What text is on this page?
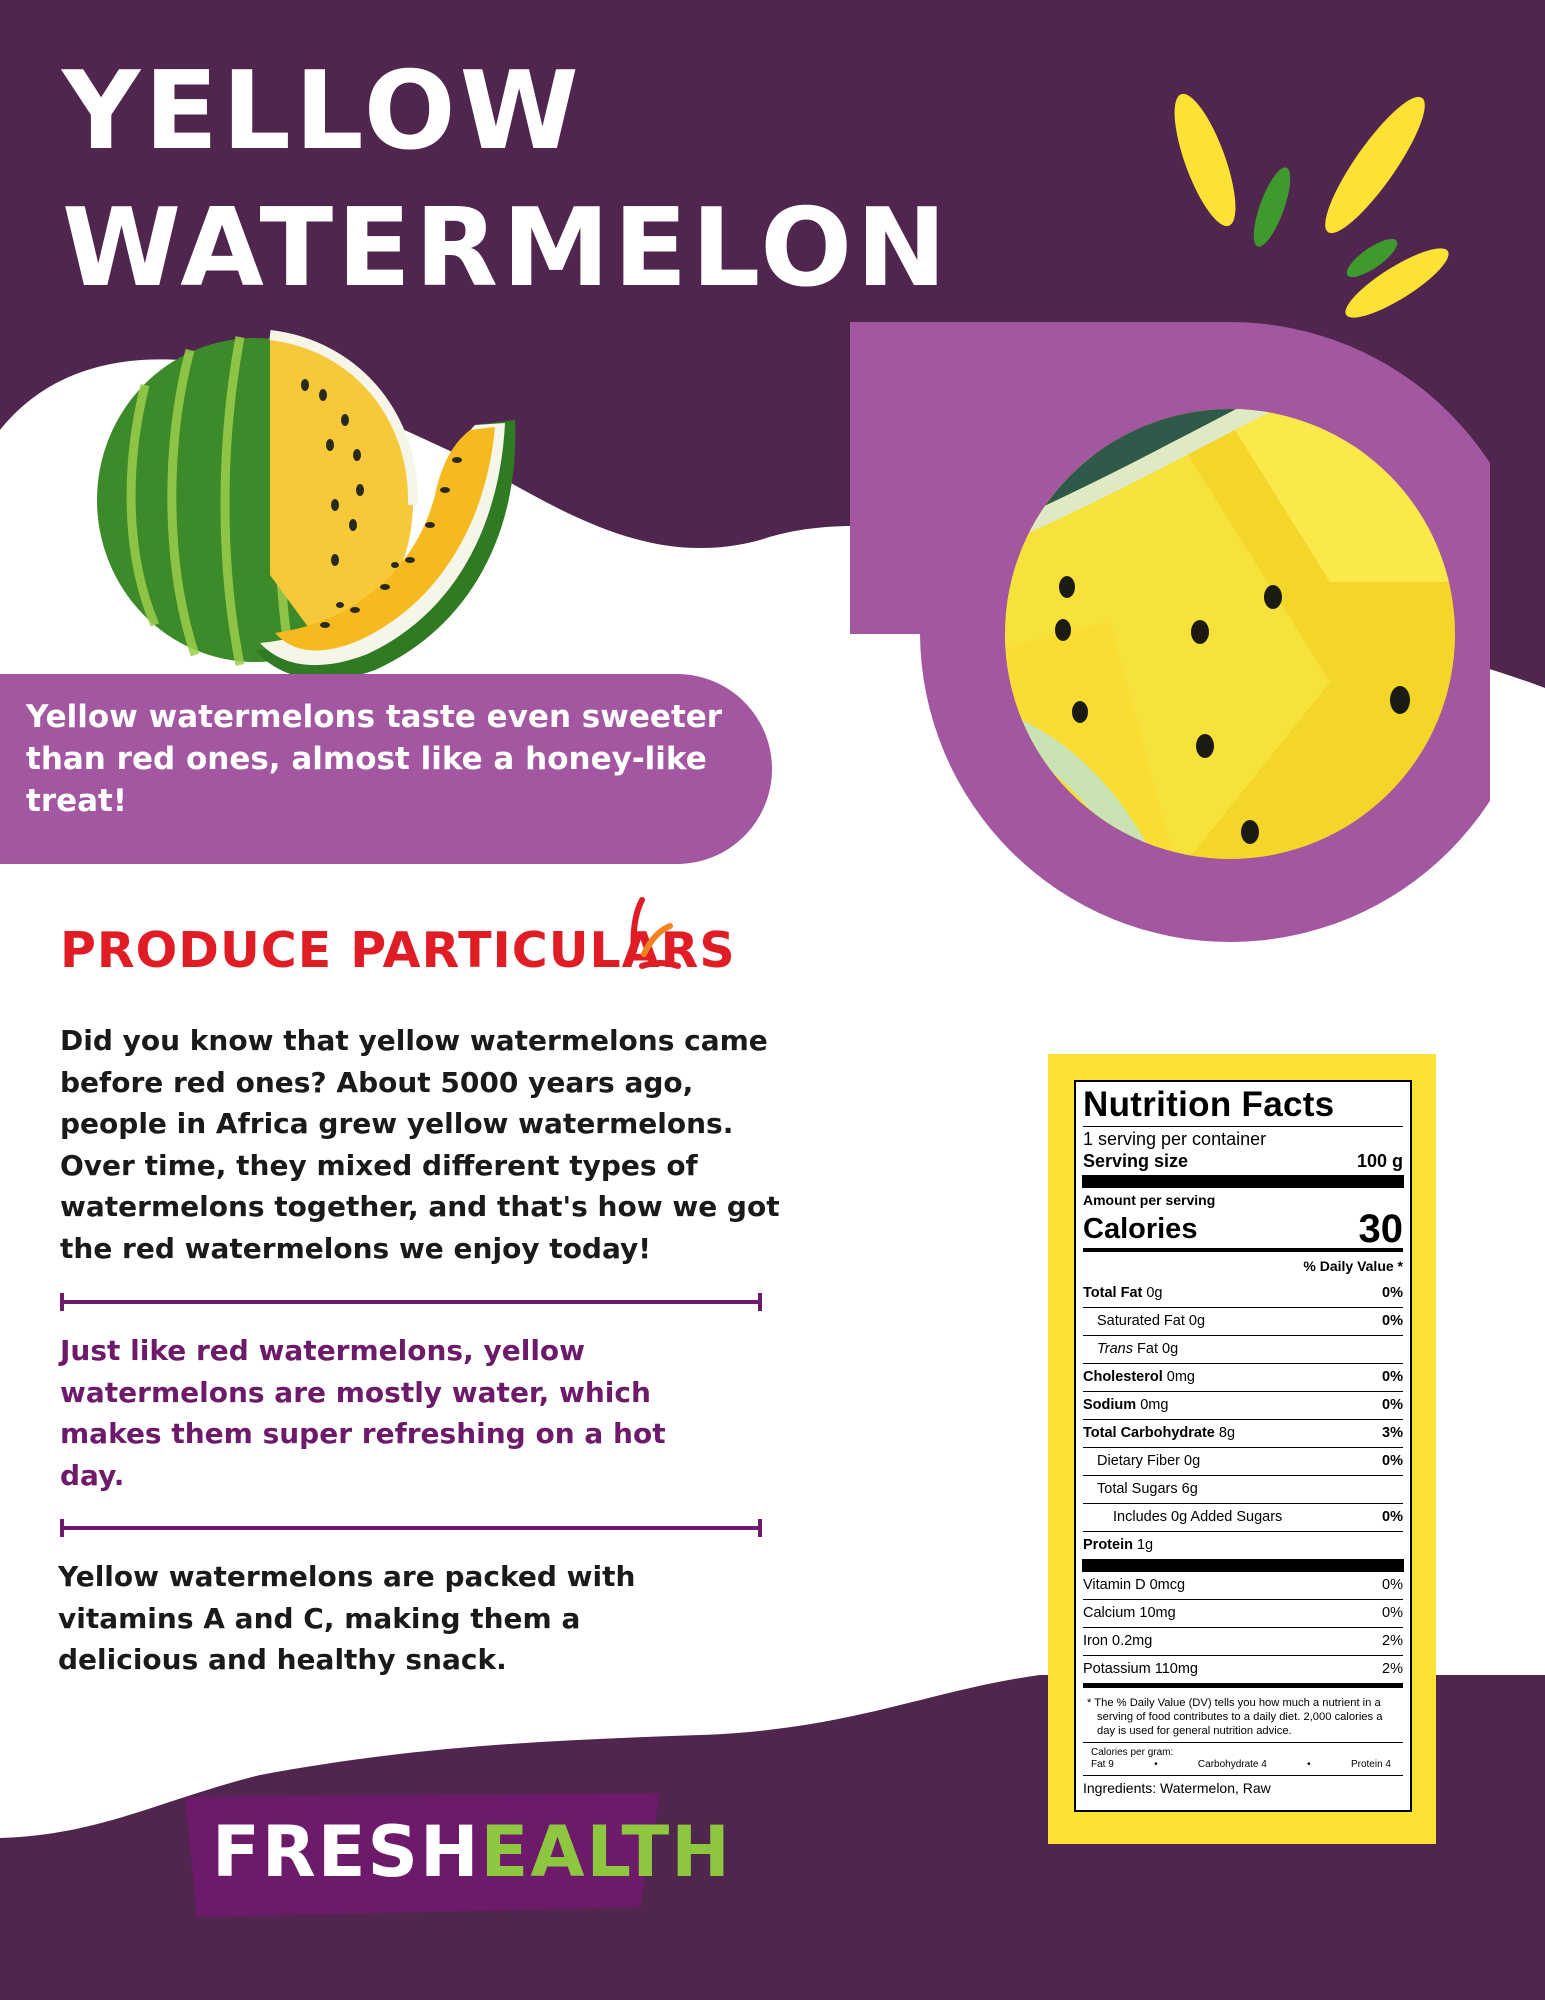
YELLOW
WATERMELON

Yellow watermelons taste even sweeter than red ones, almost like a honey-like treat!

PRODUCE PARTICULARS

Did you know that yellow watermelons came before red ones? About 5000 years ago, people in Africa grew yellow watermelons. Over time, they mixed different types of watermelons together, and that's how we got the red watermelons we enjoy today!

Just like red watermelons, yellow watermelons are mostly water, which makes them super refreshing on a hot day.

Yellow watermelons are packed with vitamins A and C, making them a delicious and healthy snack.

FRESHEALTH
Nutrition Facts
1 serving per container
Serving size	100 g
Amount per serving
Calories	30
% Daily Value *
Total Fat 0g	0%
Saturated Fat 0g	0%
Trans Fat 0g
Cholesterol 0mg	0%
Sodium 0mg	0%
Total Carbohydrate 8g	3%
Dietary Fiber 0g	0%
Total Sugars 6g
Includes 0g Added Sugars	0%
Protein 1g
Vitamin D 0mcg	0%
Calcium 10mg	0%
Iron 0.2mg	2%
Potassium 110mg	2%
* The % Daily Value (DV) tells you how much a nutrient in a serving of food contributes to a daily diet. 2,000 calories a day is used for general nutrition advice.
Calories per gram:
Fat 9	•	Carbohydrate 4	•	Protein 4
Ingredients: Watermelon, Raw
